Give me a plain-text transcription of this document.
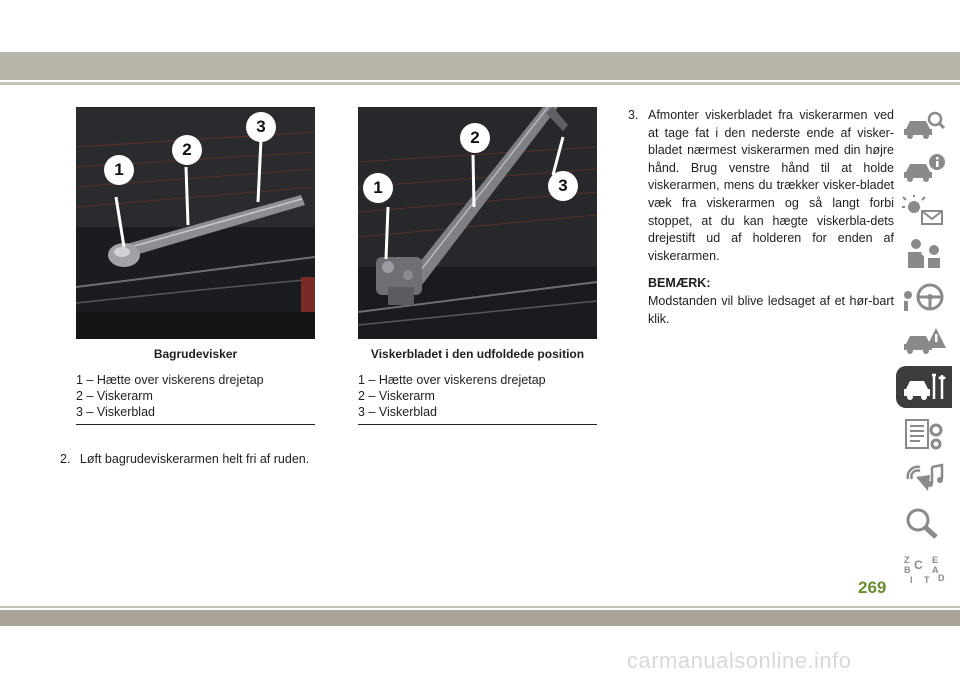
1
2
3
Bagrudevisker
1 – Hætte over viskerens drejetap
2 – Viskerarm
3 – Viskerblad
1
2
3
Viskerbladet i den udfoldede position
1 – Hætte over viskerens drejetap
2 – Viskerarm
3 – Viskerblad
2. Løft bagrudeviskerarmen helt fri af ruden.
3. Afmonter viskerbladet fra viskerarmen ved at tage fat i den nederste ende af visker-bladet nærmest viskerarmen med din højre hånd. Brug venstre hånd til at holde viskerarmen, mens du trækker visker-bladet væk fra viskerarmen og så langt forbi stoppet, at du kan hægte viskerbla-dets drejestift ud af holderen for enden af viskerarmen.
BEMÆRK:
Modstanden vil blive ledsaget af et hør-bart klik.
Z	E
B A
C
D
I T
269
carmanualsonline.info
